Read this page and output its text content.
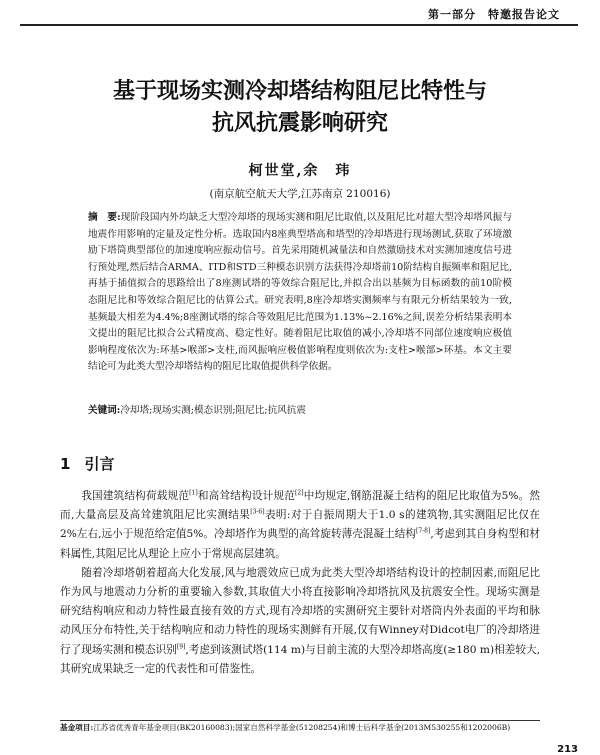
第一部分　特邀报告论文
基于现场实测冷却塔结构阻尼比特性与
抗风抗震影响研究
柯世堂,余　玮
(南京航空航天大学,江苏南京 210016)
摘　要:现阶段国内外均缺乏大型冷却塔的现场实测和阻尼比取值,以及阻尼比对超大型冷却塔风振与地震作用影响的定量及定性分析。选取国内8座典型塔高和塔型的冷却塔进行现场测试,获取了环境激励下塔筒典型部位的加速度响应振动信号。首先采用随机减量法和自然激励技术对实测加速度信号进行预处理,然后结合ARMA、ITD和STD三种模态识别方法获得冷却塔前10阶结构自振频率和阻尼比,再基于插值拟合的思路给出了8座测试塔的等效综合阻尼比,并拟合出以基频为目标函数的前10阶模态阻尼比和等效综合阻尼比的估算公式。研究表明,8座冷却塔实测频率与有限元分析结果较为一致,基频最大相差为4.4%;8座测试塔的综合等效阻尼比范围为1.13%~2.16%之间,误差分析结果表明本文提出的阻尼比拟合公式精度高、稳定性好。随着阻尼比取值的减小,冷却塔不同部位速度响应极值影响程度依次为:环基>喉部>支柱,而风振响应极值影响程度则依次为:支柱>喉部>环基。本文主要结论可为此类大型冷却塔结构的阻尼比取值提供科学依据。
关键词:冷却塔;现场实测;模态识别;阻尼比;抗风抗震
1 引言

我国建筑结构荷载规范[1]和高耸结构设计规范[2]中均规定,钢筋混凝土结构的阻尼比取值为5%。然而,大量高层及高耸建筑阻尼比实测结果[3-6]表明:对于自振周期大于1.0 s的建筑物,其实测阻尼比仅在2%左右,远小于规范给定值5%。冷却塔作为典型的高耸旋转薄壳混凝土结构[7-8],考虑到其自身构型和材料属性,其阻尼比从理论上应小于常规高层建筑。

随着冷却塔朝着超高大化发展,风与地震效应已成为此类大型冷却塔结构设计的控制因素,而阻尼比作为风与地震动力分析的重要输入参数,其取值大小将直接影响冷却塔抗风及抗震安全性。现场实测是研究结构响应和动力特性最直接有效的方式,现有冷却塔的实测研究主要针对塔筒内外表面的平均和脉动风压分布特性,关于结构响应和动力特性的现场实测鲜有开展,仅有Winney对Didcot电厂的冷却塔进行了现场实测和模态识别[9],考虑到该测试塔(114 m)与目前主流的大型冷却塔高度(≥180 m)相差较大,其研究成果缺乏一定的代表性和可借鉴性。

基金项目:江苏省优秀青年基金项目(BK20160083);国家自然科学基金(51208254)和博士后科学基金(2013M530255和1202006B)
213
